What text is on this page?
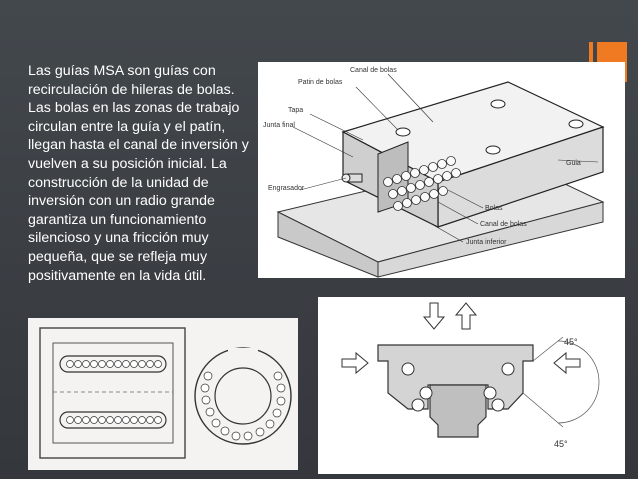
Las guías MSA son guías con recirculación de hileras de bolas. Las bolas en las zonas de trabajo circulan entre la guía y el patín, llegan hasta el canal de inversión y vuelven a su posición inicial. La construcción de la unidad de inversión con un radio grande garantiza un funcionamiento silencioso y una fricción muy pequeña, que se refleja muy positivamente en la vida útil.
Canal de bolas
Patin de bolas
Tapa
Junta final
Guia
Engrasador
Bolas
Canal de bolas
Junta inferior
45°
45°
